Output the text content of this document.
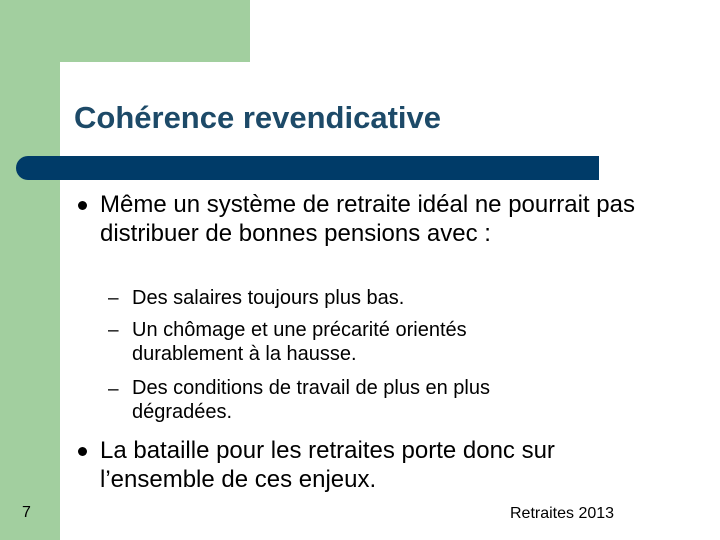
Cohérence revendicative
Même un système de retraite idéal ne pourrait pas distribuer de bonnes pensions avec :
– Des salaires toujours plus bas.
– Un chômage et une précarité orientés durablement à la hausse.
– Des conditions de travail de plus en plus dégradées.
La bataille pour les retraites porte donc sur l’ensemble de ces enjeux.
7	Retraites 2013
